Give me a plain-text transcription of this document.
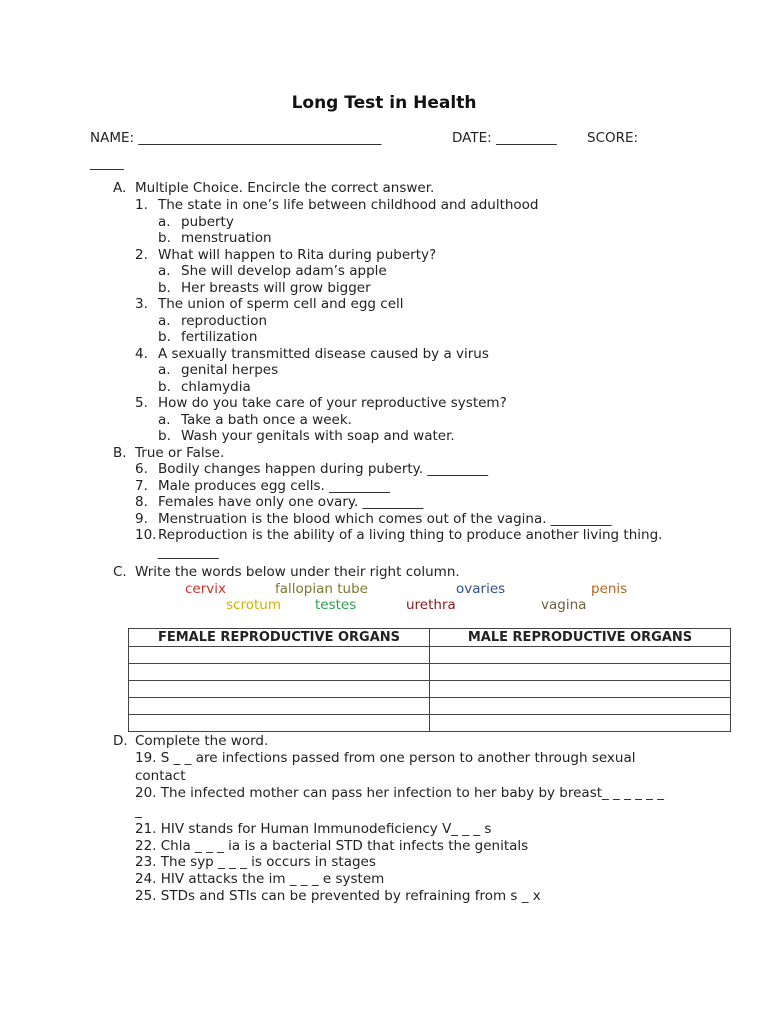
Long Test in Health
NAME: ____________________________________	DATE: _________ SCORE:
_____
A. Multiple Choice. Encircle the correct answer.
1. The state in one’s life between childhood and adulthood
a. puberty
b. menstruation
2. What will happen to Rita during puberty?
a. She will develop adam’s apple
b. Her breasts will grow bigger
3. The union of sperm cell and egg cell
a. reproduction
b. fertilization
4. A sexually transmitted disease caused by a virus
a. genital herpes
b. chlamydia
5. How do you take care of your reproductive system?
a. Take a bath once a week.
b. Wash your genitals with soap and water.
B. True or False.
6. Bodily changes happen during puberty. _________
7. Male produces egg cells. _________
8. Females have only one ovary. _________
9. Menstruation is the blood which comes out of the vagina. _________
10. Reproduction is the ability of a living thing to produce another living thing.
_________
C. Write the words below under their right column.
cervix	fallopian tube	ovaries	penis
scrotum	testes	urethra	vagina
FEMALE REPRODUCTIVE ORGANS	MALE REPRODUCTIVE ORGANS

D. Complete the word.
19. S _ _ are infections passed from one person to another through sexual
contact
20. The infected mother can pass her infection to her baby by breast_ _ _ _ _ _
_
21. HIV stands for Human Immunodeficiency V_ _ _ s
22. Chla _ _ _ ia is a bacterial STD that infects the genitals
23. The syp _ _ _ is occurs in stages
24. HIV attacks the im _ _ _ e system
25. STDs and STIs can be prevented by refraining from s _ x
